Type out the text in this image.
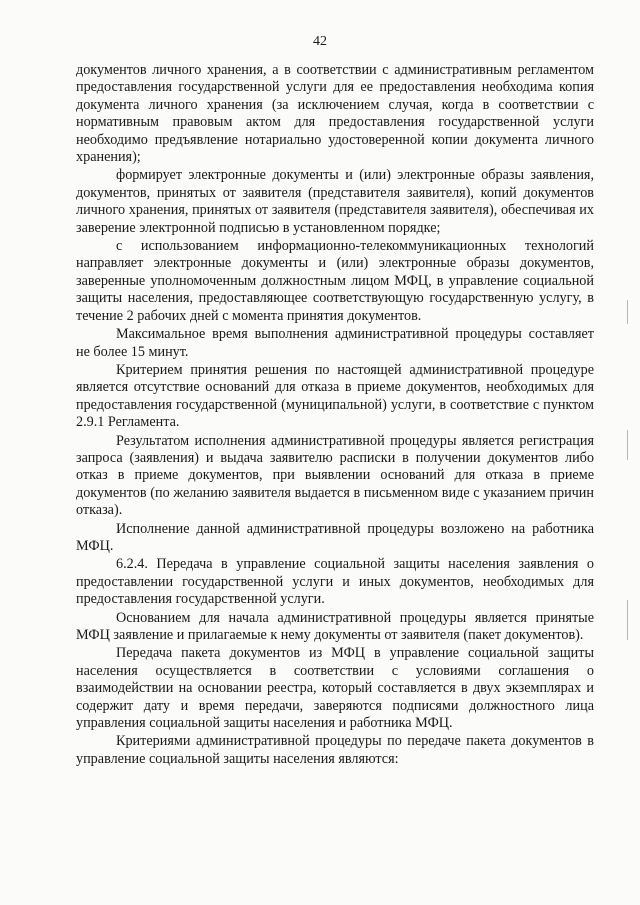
42

документов личного хранения, а в соответствии с административным регламентом предоставления государственной услуги для ее предоставления необходима копия документа личного хранения (за исключением случая, когда в соответствии с нормативным правовым актом для предоставления государственной услуги необходимо предъявление нотариально удостоверенной копии документа личного хранения);

формирует электронные документы и (или) электронные образы заявления, документов, принятых от заявителя (представителя заявителя), копий документов личного хранения, принятых от заявителя (представителя заявителя), обеспечивая их заверение электронной подписью в установленном порядке;

с использованием информационно-телекоммуникационных технологий направляет электронные документы и (или) электронные образы документов, заверенные уполномоченным должностным лицом МФЦ, в управление социальной защиты населения, предоставляющее соответствующую государственную услугу, в течение 2 рабочих дней с момента принятия документов.

Максимальное время выполнения административной процедуры составляет не более 15 минут.

Критерием принятия решения по настоящей административной процедуре является отсутствие оснований для отказа в приеме документов, необходимых для предоставления государственной (муниципальной) услуги, в соответствие с пунктом 2.9.1 Регламента.

Результатом исполнения административной процедуры является регистрация запроса (заявления) и выдача заявителю расписки в получении документов либо отказ в приеме документов, при выявлении оснований для отказа в приеме документов (по желанию заявителя выдается в письменном виде с указанием причин отказа).

Исполнение данной административной процедуры возложено на работника МФЦ.

6.2.4. Передача в управление социальной защиты населения заявления о предоставлении государственной услуги и иных документов, необходимых для предоставления государственной услуги.

Основанием для начала административной процедуры является принятые МФЦ заявление и прилагаемые к нему документы от заявителя (пакет документов).

Передача пакета документов из МФЦ в управление социальной защиты населения осуществляется в соответствии с условиями соглашения о взаимодействии на основании реестра, который составляется в двух экземплярах и содержит дату и время передачи, заверяются подписями должностного лица управления социальной защиты населения и работника МФЦ.

Критериями административной процедуры по передаче пакета документов в управление социальной защиты населения являются:
